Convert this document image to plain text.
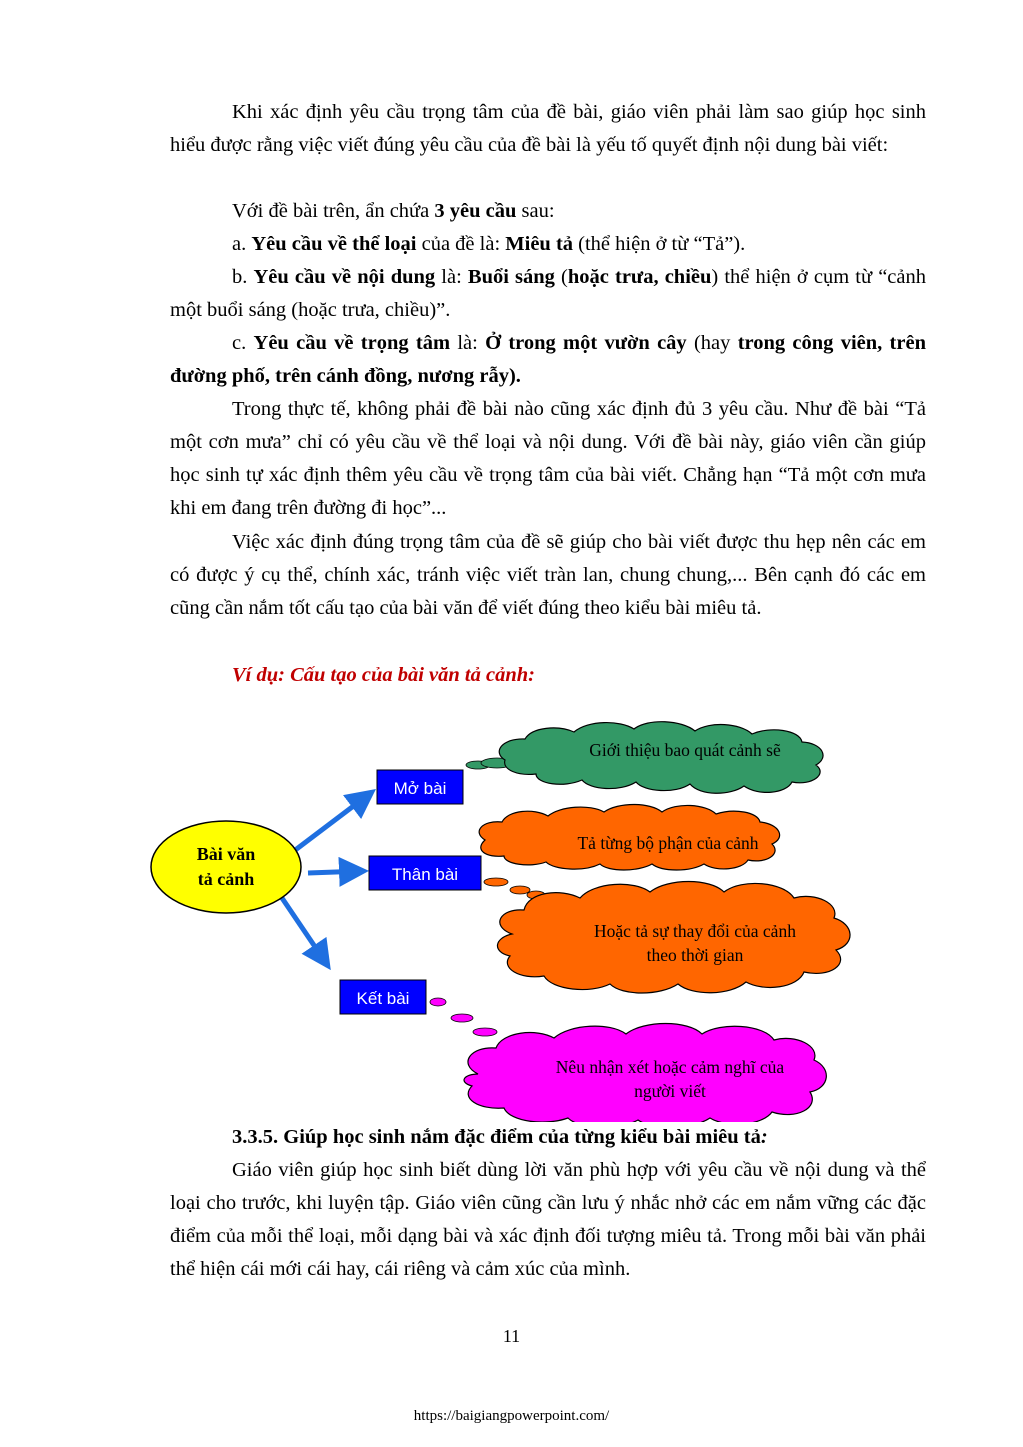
Khi xác định yêu cầu trọng tâm của đề bài, giáo viên phải làm sao giúp học sinh hiểu được rằng việc viết đúng yêu cầu của đề bài là yếu tố quyết định nội dung bài viết:

Với đề bài trên, ẩn chứa 3 yêu cầu sau:

a. Yêu cầu về thể loại của đề là: Miêu tả (thể hiện ở từ “Tả”).

b. Yêu cầu về nội dung là: Buổi sáng (hoặc trưa, chiều) thể hiện ở cụm từ “cảnh một buổi sáng (hoặc trưa, chiều)”.

c. Yêu cầu về trọng tâm là: Ở trong một vườn cây (hay trong công viên, trên đường phố, trên cánh đồng, nương rẫy).

Trong thực tế, không phải đề bài nào cũng xác định đủ 3 yêu cầu. Như đề bài “Tả một cơn mưa” chỉ có yêu cầu về thể loại và nội dung. Với đề bài này, giáo viên cần giúp học sinh tự xác định thêm yêu cầu về trọng tâm của bài viết. Chẳng hạn “Tả một cơn mưa khi em đang trên đường đi học”...

Việc xác định đúng trọng tâm của đề sẽ giúp cho bài viết được thu hẹp nên các em có được ý cụ thể, chính xác, tránh việc viết tràn lan, chung chung,... Bên cạnh đó các em cũng cần nắm tốt cấu tạo của bài văn để viết đúng theo kiểu bài miêu tả.

Ví dụ: Cấu tạo của bài văn tả cảnh:

Bài văn
tả cảnh
Mở bài
Thân bài
Kết bài
Giới thiệu bao quát cảnh sẽ
Tả từng bộ phận của cảnh
Hoặc tả sự thay đổi của cảnh
theo thời gian
Nêu nhận xét hoặc cảm nghĩ của
người viết

3.3.5. Giúp học sinh nắm đặc điểm của từng kiểu bài miêu tả:

Giáo viên giúp học sinh biết dùng lời văn phù hợp với yêu cầu về nội dung và thể loại cho trước, khi luyện tập. Giáo viên cũng cần lưu ý nhắc nhở các em nắm vững các đặc điểm của mỗi thể loại, mỗi dạng bài và xác định đối tượng miêu tả. Trong mỗi bài văn phải thể hiện cái mới cái hay, cái riêng và cảm xúc của mình.

11
https://baigiangpowerpoint.com/
